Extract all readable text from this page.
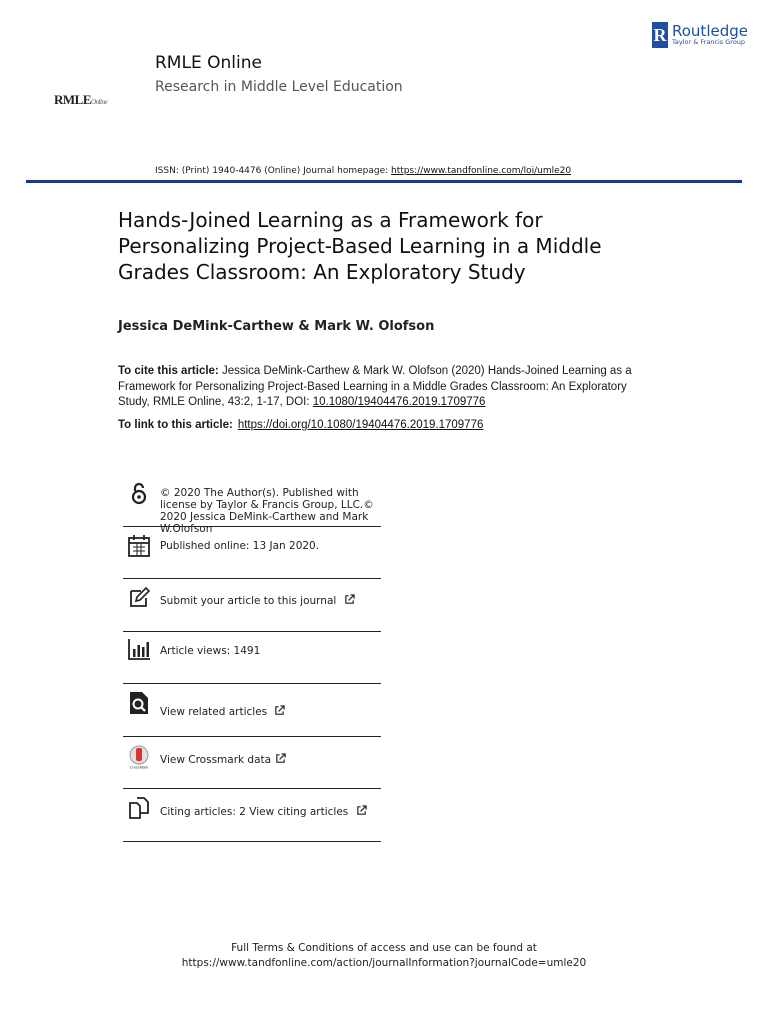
RMLEOnline
RMLE Online
Research in Middle Level Education
R Routledge
Taylor & Francis Group
ISSN: (Print) 1940-4476 (Online) Journal homepage: https://www.tandfonline.com/loi/umle20
Hands-Joined Learning as a Framework for
Personalizing Project-Based Learning in a Middle
Grades Classroom: An Exploratory Study
Jessica DeMink-Carthew & Mark W. Olofson
To cite this article: Jessica DeMink-Carthew & Mark W. Olofson (2020) Hands-Joined Learning as a Framework for Personalizing Project-Based Learning in a Middle Grades Classroom: An Exploratory Study, RMLE Online, 43:2, 1-17, DOI: 10.1080/19404476.2019.1709776
To link to this article: https://doi.org/10.1080/19404476.2019.1709776
© 2020 The Author(s). Published with license by Taylor & Francis Group, LLC.© 2020 Jessica DeMink-Carthew and Mark W.Olofson
Published online: 13 Jan 2020.
Submit your article to this journal
Article views: 1491
View related articles
CrossMark
View Crossmark data
Citing articles: 2 View citing articles
Full Terms & Conditions of access and use can be found at
https://www.tandfonline.com/action/journalInformation?journalCode=umle20
